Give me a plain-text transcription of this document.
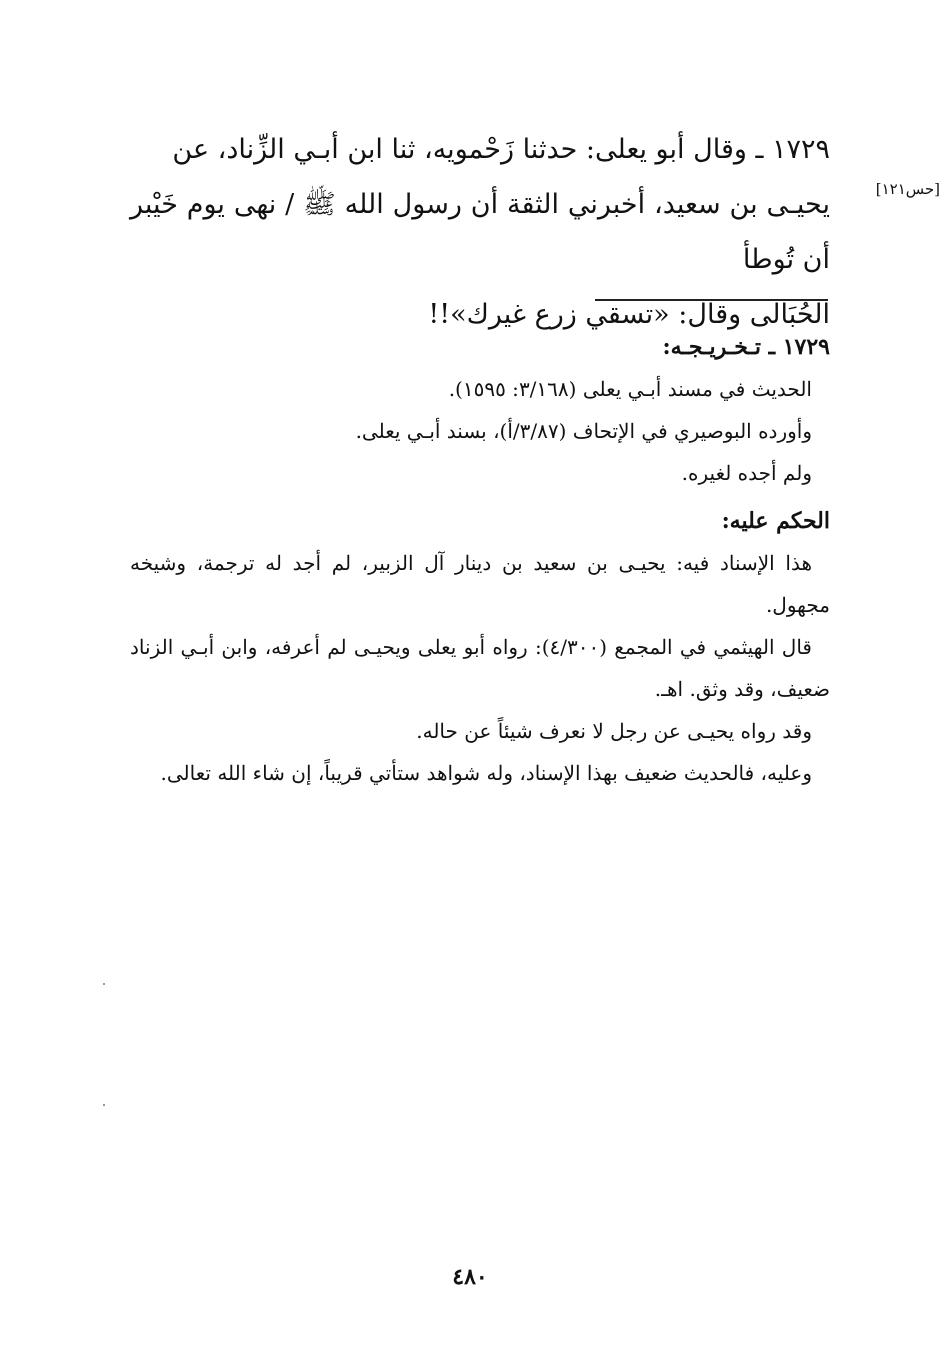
١٧٢٩ ـ وقال أبو يعلى: حدثنا زَحْمويه، ثنا ابن أبـي الزِّناد، عن
يحيـى بن سعيد، أخبرني الثقة أن رسول الله ﷺ / نهى يوم خَيْبر أن تُوطأ
الحُبَالى وقال: «تسقي زرع غيرك»!!
[حس١٢١]

١٧٢٩ ـ تـخـريـجـه:

الحديث في مسند أبـي يعلى (٣/١٦٨: ١٥٩٥).

وأورده البوصيري في الإتحاف (٣/٨٧/أ)، بسند أبـي يعلى.

ولم أجده لغيره.

الحكم عليه:

هذا الإسناد فيه: يحيـى بن سعيد بن دينار آل الزبير، لم أجد له ترجمة، وشيخه مجهول.

قال الهيثمي في المجمع (٤/٣٠٠): رواه أبو يعلى ويحيـى لم أعرفه، وابن أبـي الزناد ضعيف، وقد وثق. اهـ.

وقد رواه يحيـى عن رجل لا نعرف شيئاً عن حاله.

وعليه، فالحديث ضعيف بهذا الإسناد، وله شواهد ستأتي قريباً، إن شاء الله تعالى.

٤٨٠
